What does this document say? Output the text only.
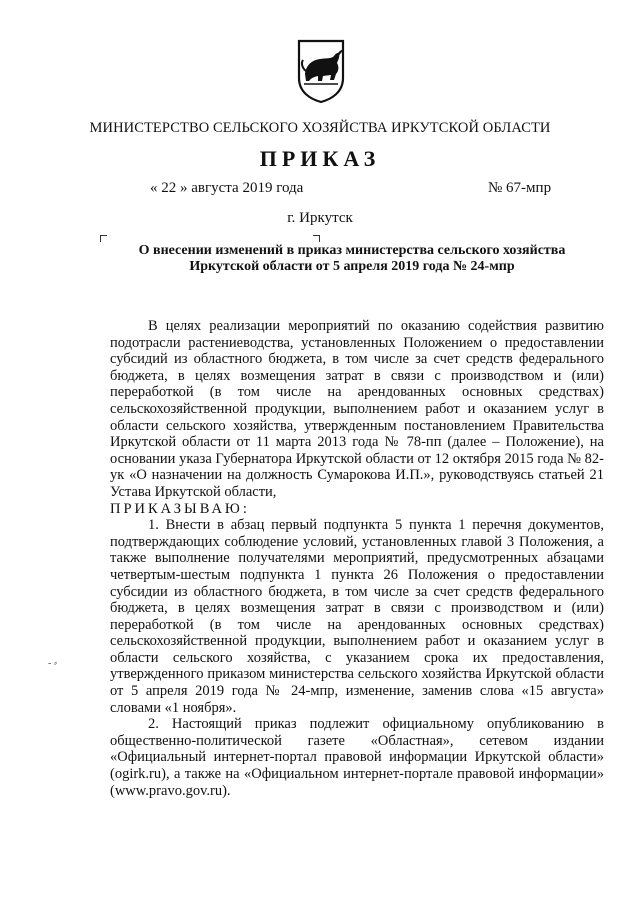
МИНИСТЕРСТВО СЕЛЬСКОГО ХОЗЯЙСТВА ИРКУТСКОЙ ОБЛАСТИ
ПРИКАЗ
« 22 » августа 2019 года	№ 67-мпр
г. Иркутск
О внесении изменений в приказ министерства сельского хозяйства Иркутской области от 5 апреля 2019 года № 24-мпр

В целях реализации мероприятий по оказанию содействия развитию подотрасли растениеводства, установленных Положением о предоставлении субсидий из областного бюджета, в том числе за счет средств федерального бюджета, в целях возмещения затрат в связи с производством и (или) переработкой (в том числе на арендованных основных средствах) сельскохозяйственной продукции, выполнением работ и оказанием услуг в области сельского хозяйства, утвержденным постановлением Правительства Иркутской области от 11 марта 2013 года № 78-пп (далее – Положение), на основании указа Губернатора Иркутской области от 12 октября 2015 года № 82-ук «О назначении на должность Сумарокова И.П.», руководствуясь статьей 21 Устава Иркутской области,

ПРИКАЗЫВАЮ:

1. Внести в абзац первый подпункта 5 пункта 1 перечня документов, подтверждающих соблюдение условий, установленных главой 3 Положения, а также выполнение получателями мероприятий, предусмотренных абзацами четвертым-шестым подпункта 1 пункта 26 Положения о предоставлении субсидии из областного бюджета, в том числе за счет средств федерального бюджета, в целях возмещения затрат в связи с производством и (или) переработкой (в том числе на арендованных основных средствах) сельскохозяйственной продукции, выполнением работ и оказанием услуг в области сельского хозяйства, с указанием срока их предоставления, утвержденного приказом министерства сельского хозяйства Иркутской области от 5 апреля 2019 года № 24-мпр, изменение, заменив слова «15 августа» словами «1 ноября».

2. Настоящий приказ подлежит официальному опубликованию в общественно-политической газете «Областная», сетевом издании «Официальный интернет-портал правовой информации Иркутской области» (ogirk.ru), а также на «Официальном интернет-портале правовой информации» (www.pravo.gov.ru).

‐ ⸗
